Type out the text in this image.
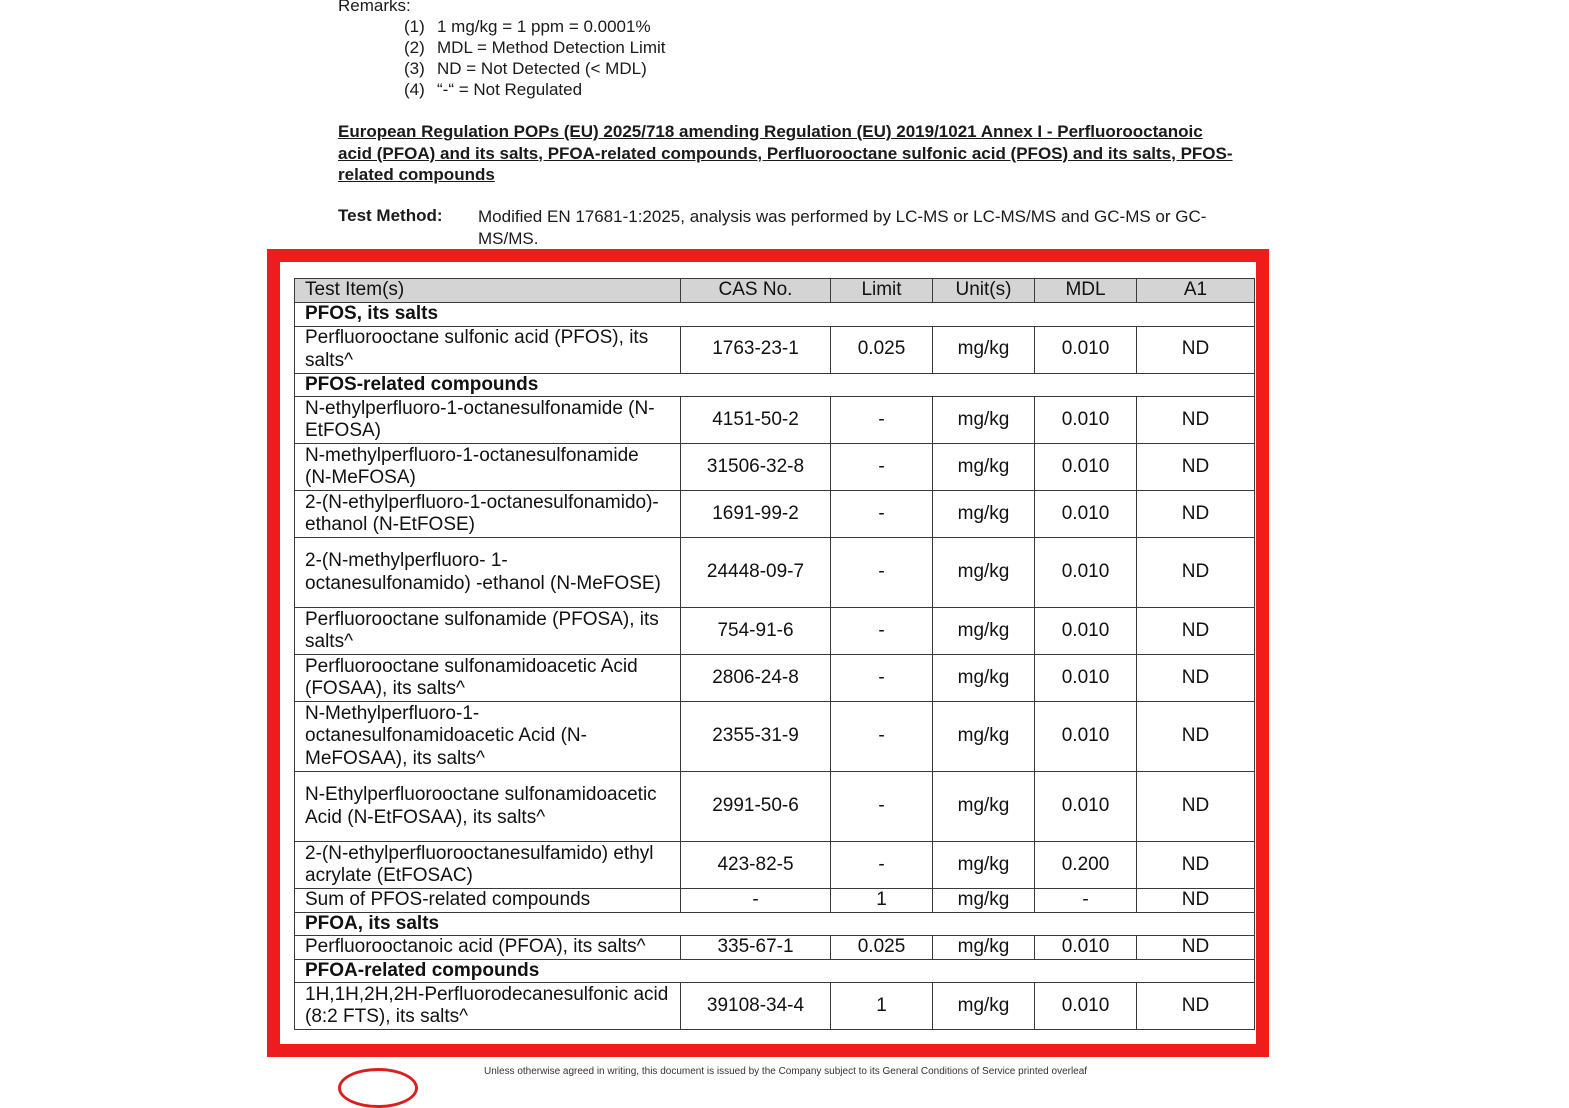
Remarks:
(1) 1 mg/kg = 1 ppm = 0.0001%
(2) MDL = Method Detection Limit
(3) ND = Not Detected (< MDL)
(4) “-“ = Not Regulated
European Regulation POPs (EU) 2025/718 amending Regulation (EU) 2019/1021 Annex I - Perfluorooctanoic acid (PFOA) and its salts, PFOA-related compounds, Perfluorooctane sulfonic acid (PFOS) and its salts, PFOS-related compounds
Test Method: Modified EN 17681-1:2025, analysis was performed by LC-MS or LC-MS/MS and GC-MS or GC-MS/MS.
Test Item(s)	CAS No.	Limit	Unit(s)	MDL	A1
PFOS, its salts					
Perfluorooctane sulfonic acid (PFOS), its salts^	1763-23-1	0.025	mg/kg	0.010	ND
PFOS-related compounds					
N-ethylperfluoro-1-octanesulfonamide (N-EtFOSA)	4151-50-2	-	mg/kg	0.010	ND
N-methylperfluoro-1-octanesulfonamide (N-MeFOSA)	31506-32-8	-	mg/kg	0.010	ND
2-(N-ethylperfluoro-1-octanesulfonamido)-ethanol (N-EtFOSE)	1691-99-2	-	mg/kg	0.010	ND
2-(N-methylperfluoro- 1-octanesulfonamido) -ethanol (N-MeFOSE)	24448-09-7	-	mg/kg	0.010	ND
Perfluorooctane sulfonamide (PFOSA), its salts^	754-91-6	-	mg/kg	0.010	ND
Perfluorooctane sulfonamidoacetic Acid (FOSAA), its salts^	2806-24-8	-	mg/kg	0.010	ND
N-Methylperfluoro-1-octanesulfonamidoacetic Acid (N-MeFOSAA), its salts^	2355-31-9	-	mg/kg	0.010	ND
N-Ethylperfluorooctane sulfonamidoacetic Acid (N-EtFOSAA), its salts^	2991-50-6	-	mg/kg	0.010	ND
2-(N-ethylperfluorooctanesulfamido) ethyl acrylate (EtFOSAC)	423-82-5	-	mg/kg	0.200	ND
Sum of PFOS-related compounds	-	1	mg/kg	-	ND
PFOA, its salts					
Perfluorooctanoic acid (PFOA), its salts^	335-67-1	0.025	mg/kg	0.010	ND
PFOA-related compounds					
1H,1H,2H,2H-Perfluorodecanesulfonic acid (8:2 FTS), its salts^	39108-34-4	1	mg/kg	0.010	ND
Unless otherwise agreed in writing, this document is issued by the Company subject to its General Conditions of Service printed overleaf
